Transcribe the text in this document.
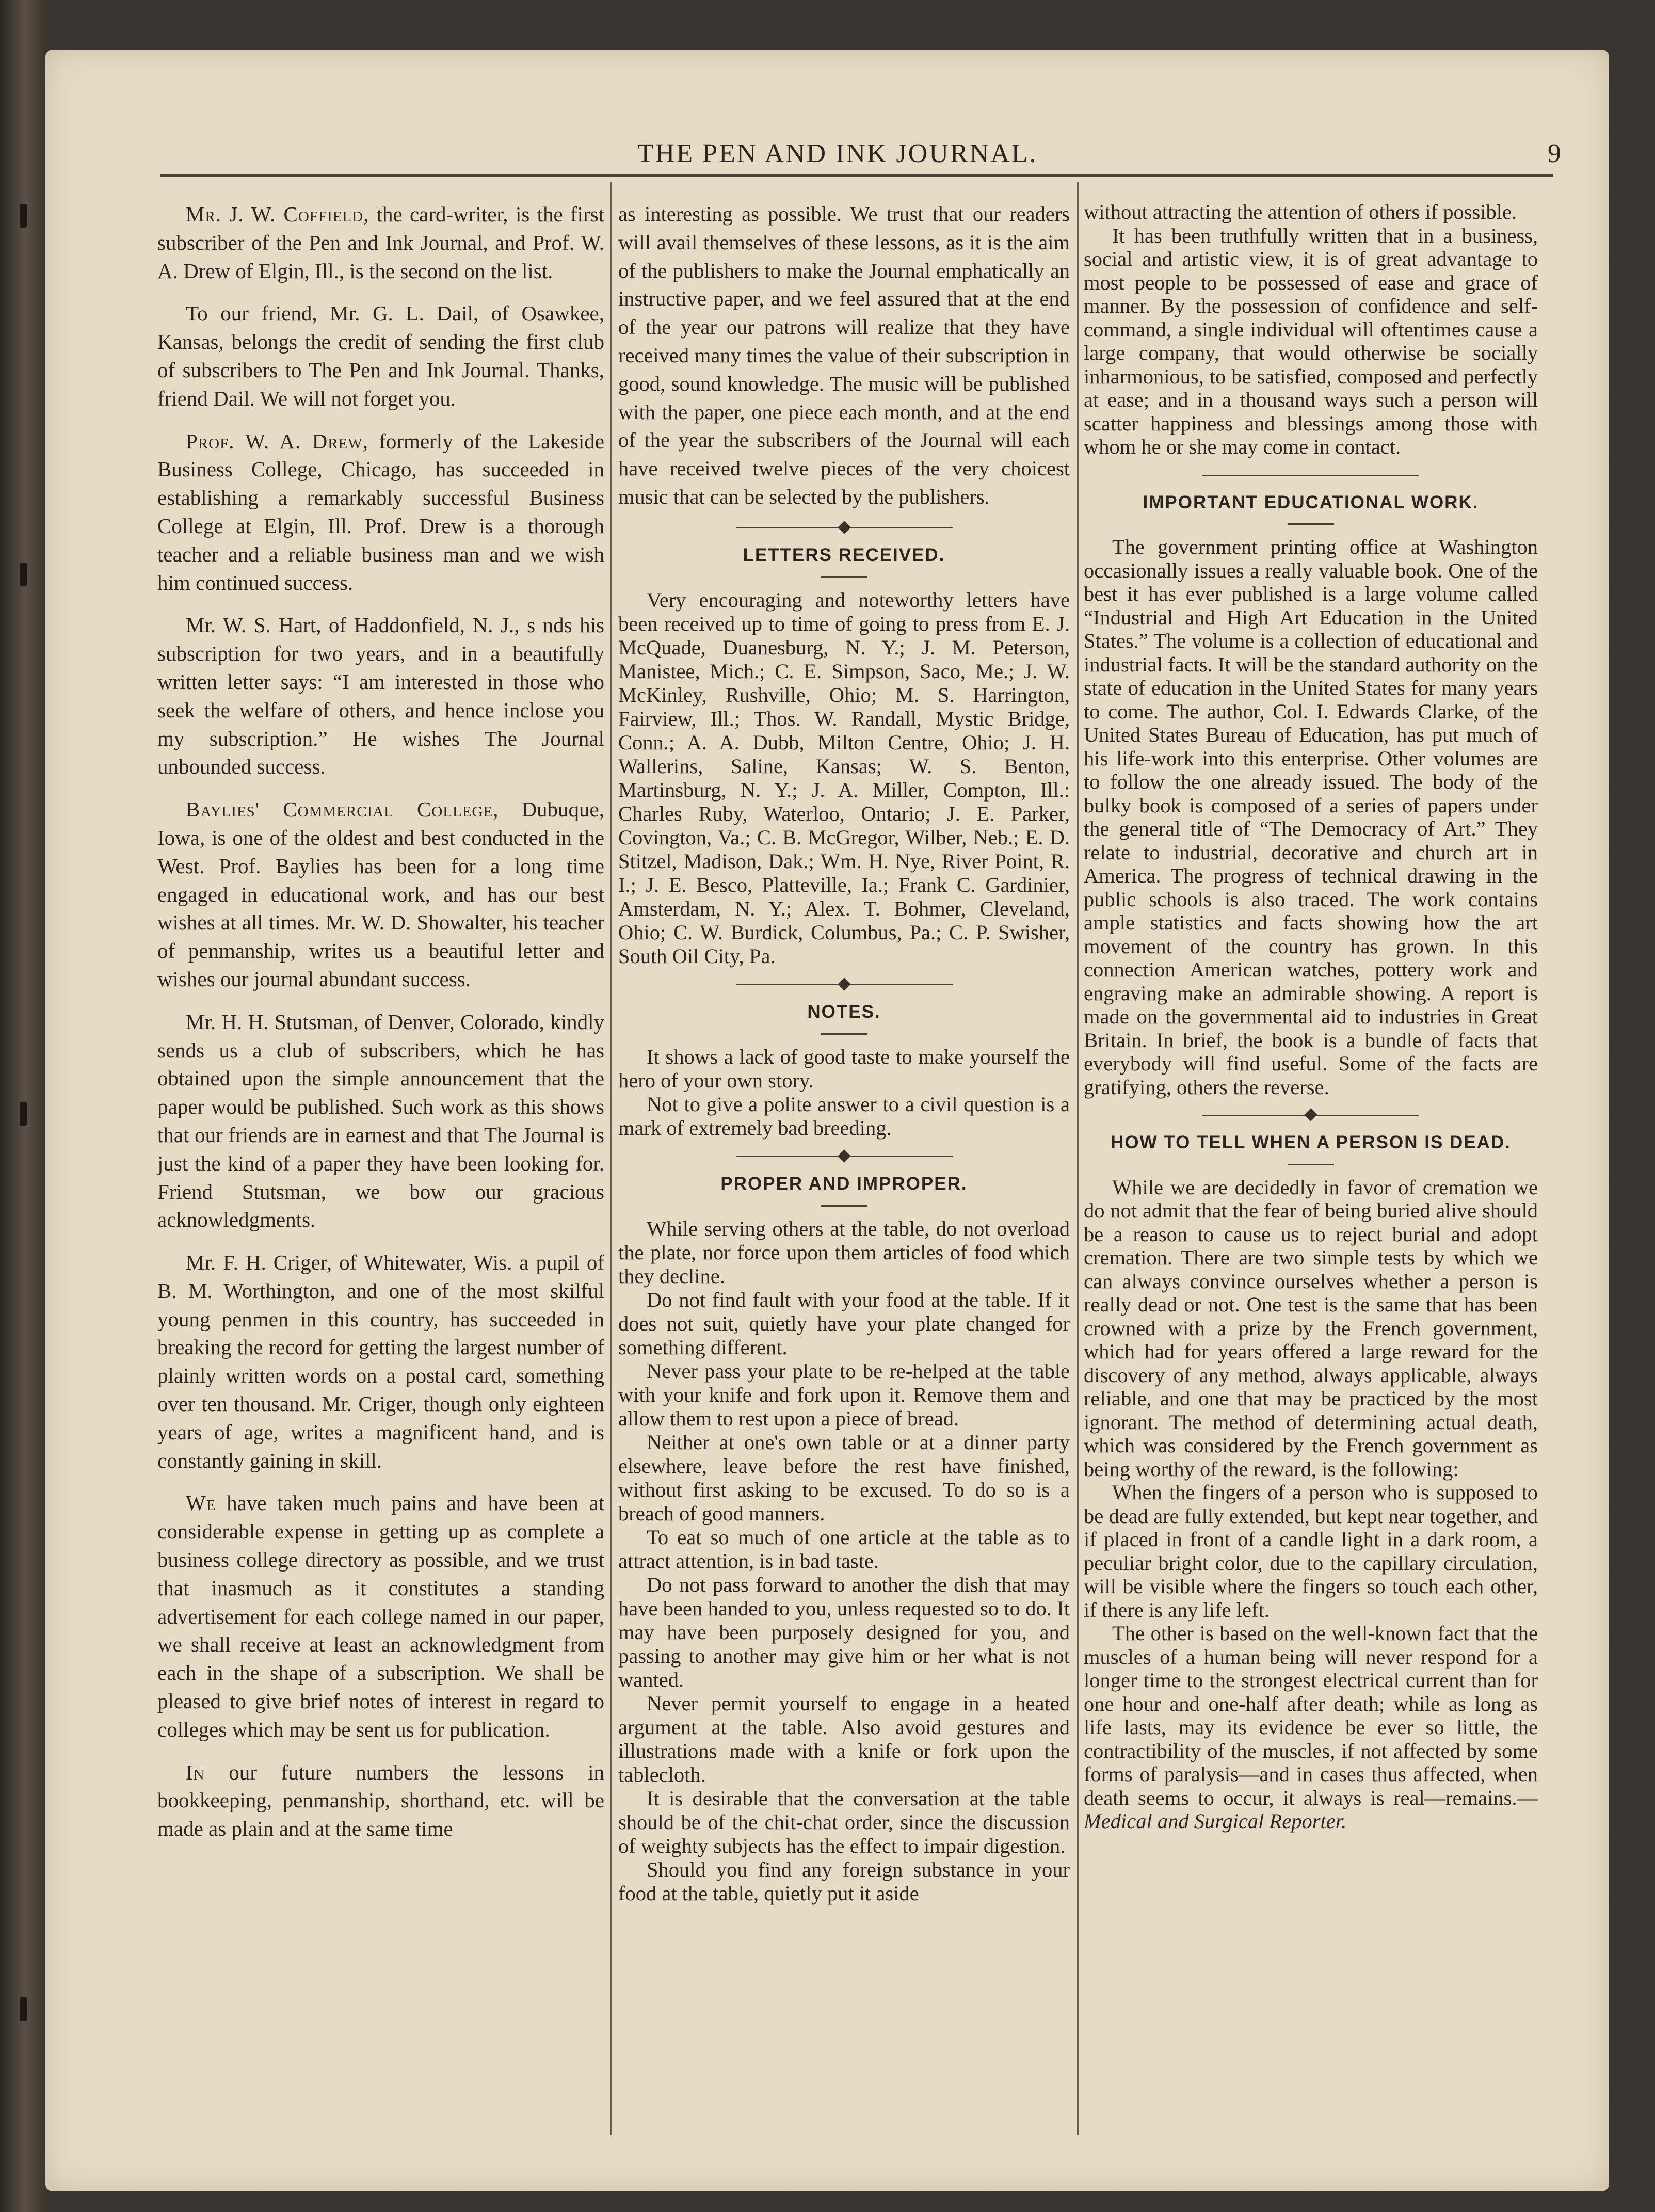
THE PEN AND INK JOURNAL.	9

Mr. J. W. Coffield, the card-writer, is the first subscriber of the Pen and Ink Journal, and Prof. W. A. Drew of Elgin, Ill., is the second on the list.

To our friend, Mr. G. L. Dail, of Osawkee, Kansas, belongs the credit of sending the first club of subscribers to The Pen and Ink Journal. Thanks, friend Dail. We will not forget you.

Prof. W. A. Drew, formerly of the Lakeside Business College, Chicago, has succeeded in establishing a remarkably successful Business College at Elgin, Ill. Prof. Drew is a thorough teacher and a reliable business man and we wish him continued success.

Mr. W. S. Hart, of Haddonfield, N. J., s nds his subscription for two years, and in a beautifully written letter says: “I am interested in those who seek the welfare of others, and hence inclose you my subscription.” He wishes The Journal unbounded success.

Baylies' Commercial College, Dubuque, Iowa, is one of the oldest and best conducted in the West. Prof. Baylies has been for a long time engaged in educational work, and has our best wishes at all times. Mr. W. D. Showalter, his teacher of penmanship, writes us a beautiful letter and wishes our journal abundant success.

Mr. H. H. Stutsman, of Denver, Colorado, kindly sends us a club of subscribers, which he has obtained upon the simple announcement that the paper would be published. Such work as this shows that our friends are in earnest and that The Journal is just the kind of a paper they have been looking for. Friend Stutsman, we bow our gracious acknowledgments.

Mr. F. H. Criger, of Whitewater, Wis. a pupil of B. M. Worthington, and one of the most skilful young penmen in this country, has succeeded in breaking the record for getting the largest number of plainly written words on a postal card, something over ten thousand. Mr. Criger, though only eighteen years of age, writes a magnificent hand, and is constantly gaining in skill.

We have taken much pains and have been at considerable expense in getting up as complete a business college directory as possible, and we trust that inasmuch as it constitutes a standing advertisement for each college named in our paper, we shall receive at least an acknowledgment from each in the shape of a subscription. We shall be pleased to give brief notes of interest in regard to colleges which may be sent us for publication.

In our future numbers the lessons in bookkeeping, penmanship, shorthand, etc. will be made as plain and at the same time

as interesting as possible. We trust that our readers will avail themselves of these lessons, as it is the aim of the publishers to make the Journal emphatically an instructive paper, and we feel assured that at the end of the year our patrons will realize that they have received many times the value of their subscription in good, sound knowledge. The music will be published with the paper, one piece each month, and at the end of the year the subscribers of the Journal will each have received twelve pieces of the very choicest music that can be selected by the publishers.

LETTERS RECEIVED.

Very encouraging and noteworthy letters have been received up to time of going to press from E. J. McQuade, Duanesburg, N. Y.; J. M. Peterson, Manistee, Mich.; C. E. Simpson, Saco, Me.; J. W. McKinley, Rushville, Ohio; M. S. Harrington, Fairview, Ill.; Thos. W. Randall, Mystic Bridge, Conn.; A. A. Dubb, Milton Centre, Ohio; J. H. Wallerins, Saline, Kansas; W. S. Benton, Martinsburg, N. Y.; J. A. Miller, Compton, Ill.: Charles Ruby, Waterloo, Ontario; J. E. Parker, Covington, Va.; C. B. McGregor, Wilber, Neb.; E. D. Stitzel, Madison, Dak.; Wm. H. Nye, River Point, R. I.; J. E. Besco, Platteville, Ia.; Frank C. Gardinier, Amsterdam, N. Y.; Alex. T. Bohmer, Cleveland, Ohio; C. W. Burdick, Columbus, Pa.; C. P. Swisher, South Oil City, Pa.

NOTES.

It shows a lack of good taste to make yourself the hero of your own story.

Not to give a polite answer to a civil question is a mark of extremely bad breeding.

PROPER AND IMPROPER.

While serving others at the table, do not overload the plate, nor force upon them articles of food which they decline.

Do not find fault with your food at the table. If it does not suit, quietly have your plate changed for something different.

Never pass your plate to be re-helped at the table with your knife and fork upon it. Remove them and allow them to rest upon a piece of bread.

Neither at one's own table or at a dinner party elsewhere, leave before the rest have finished, without first asking to be excused. To do so is a breach of good manners.

To eat so much of one article at the table as to attract attention, is in bad taste.

Do not pass forward to another the dish that may have been handed to you, unless requested so to do. It may have been purposely designed for you, and passing to another may give him or her what is not wanted.

Never permit yourself to engage in a heated argument at the table. Also avoid gestures and illustrations made with a knife or fork upon the tablecloth.

It is desirable that the conversation at the table should be of the chit-chat order, since the discussion of weighty subjects has the effect to impair digestion.

Should you find any foreign substance in your food at the table, quietly put it aside

without attracting the attention of others if possible.

It has been truthfully written that in a business, social and artistic view, it is of great advantage to most people to be possessed of ease and grace of manner. By the possession of confidence and self-command, a single individual will oftentimes cause a large company, that would otherwise be socially inharmonious, to be satisfied, composed and perfectly at ease; and in a thousand ways such a person will scatter happiness and blessings among those with whom he or she may come in contact.

IMPORTANT EDUCATIONAL WORK.

The government printing office at Washington occasionally issues a really valuable book. One of the best it has ever published is a large volume called “Industrial and High Art Education in the United States.” The volume is a collection of educational and industrial facts. It will be the standard authority on the state of education in the United States for many years to come. The author, Col. I. Edwards Clarke, of the United States Bureau of Education, has put much of his life-work into this enterprise. Other volumes are to follow the one already issued. The body of the bulky book is composed of a series of papers under the general title of “The Democracy of Art.” They relate to industrial, decorative and church art in America. The progress of technical drawing in the public schools is also traced. The work contains ample statistics and facts showing how the art movement of the country has grown. In this connection American watches, pottery work and engraving make an admirable showing. A report is made on the governmental aid to industries in Great Britain. In brief, the book is a bundle of facts that everybody will find useful. Some of the facts are gratifying, others the reverse.

HOW TO TELL WHEN A PERSON IS DEAD.

While we are decidedly in favor of cremation we do not admit that the fear of being buried alive should be a reason to cause us to reject burial and adopt cremation. There are two simple tests by which we can always convince ourselves whether a person is really dead or not. One test is the same that has been crowned with a prize by the French government, which had for years offered a large reward for the discovery of any method, always applicable, always reliable, and one that may be practiced by the most ignorant. The method of determining actual death, which was considered by the French government as being worthy of the reward, is the following:

When the fingers of a person who is supposed to be dead are fully extended, but kept near together, and if placed in front of a candle light in a dark room, a peculiar bright color, due to the capillary circulation, will be visible where the fingers so touch each other, if there is any life left.

The other is based on the well-known fact that the muscles of a human being will never respond for a longer time to the strongest electrical current than for one hour and one-half after death; while as long as life lasts, may its evidence be ever so little, the contractibility of the muscles, if not affected by some forms of paralysis—and in cases thus affected, when death seems to occur, it always is real—remains.—Medical and Surgical Reporter.
